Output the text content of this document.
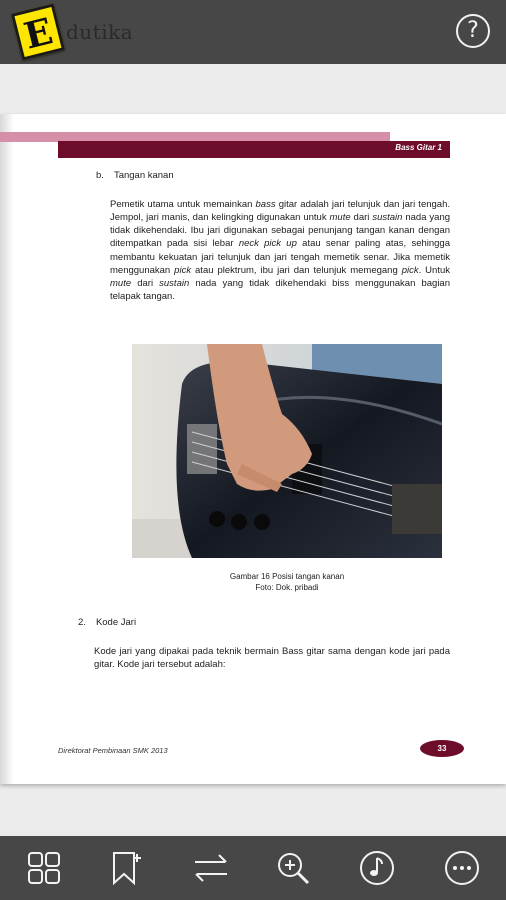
E dutika	?
Bass Gitar 1
b. Tangan kanan

Pemetik utama untuk memainkan bass gitar adalah jari telunjuk dan jari tengah. Jempol, jari manis, dan kelingking digunakan untuk mute dari sustain nada yang tidak dikehendaki. Ibu jari digunakan sebagai penunjang tangan kanan dengan ditempatkan pada sisi lebar neck pick up atau senar paling atas, sehingga membantu kekuatan jari telunjuk dan jari tengah memetik senar. Jika memetik menggunakan pick atau plektrum, ibu jari dan telunjuk memegang pick. Untuk mute dari sustain nada yang tidak dikehendaki biss menggunakan bagian telapak tangan.

Gambar 16 Posisi tangan kanan
Foto: Dok. pribadi
2. Kode Jari

Kode jari yang dipakai pada teknik bermain Bass gitar sama dengan kode jari pada gitar. Kode jari tersebut adalah:

Direktorat Pembinaan SMK 2013	33
